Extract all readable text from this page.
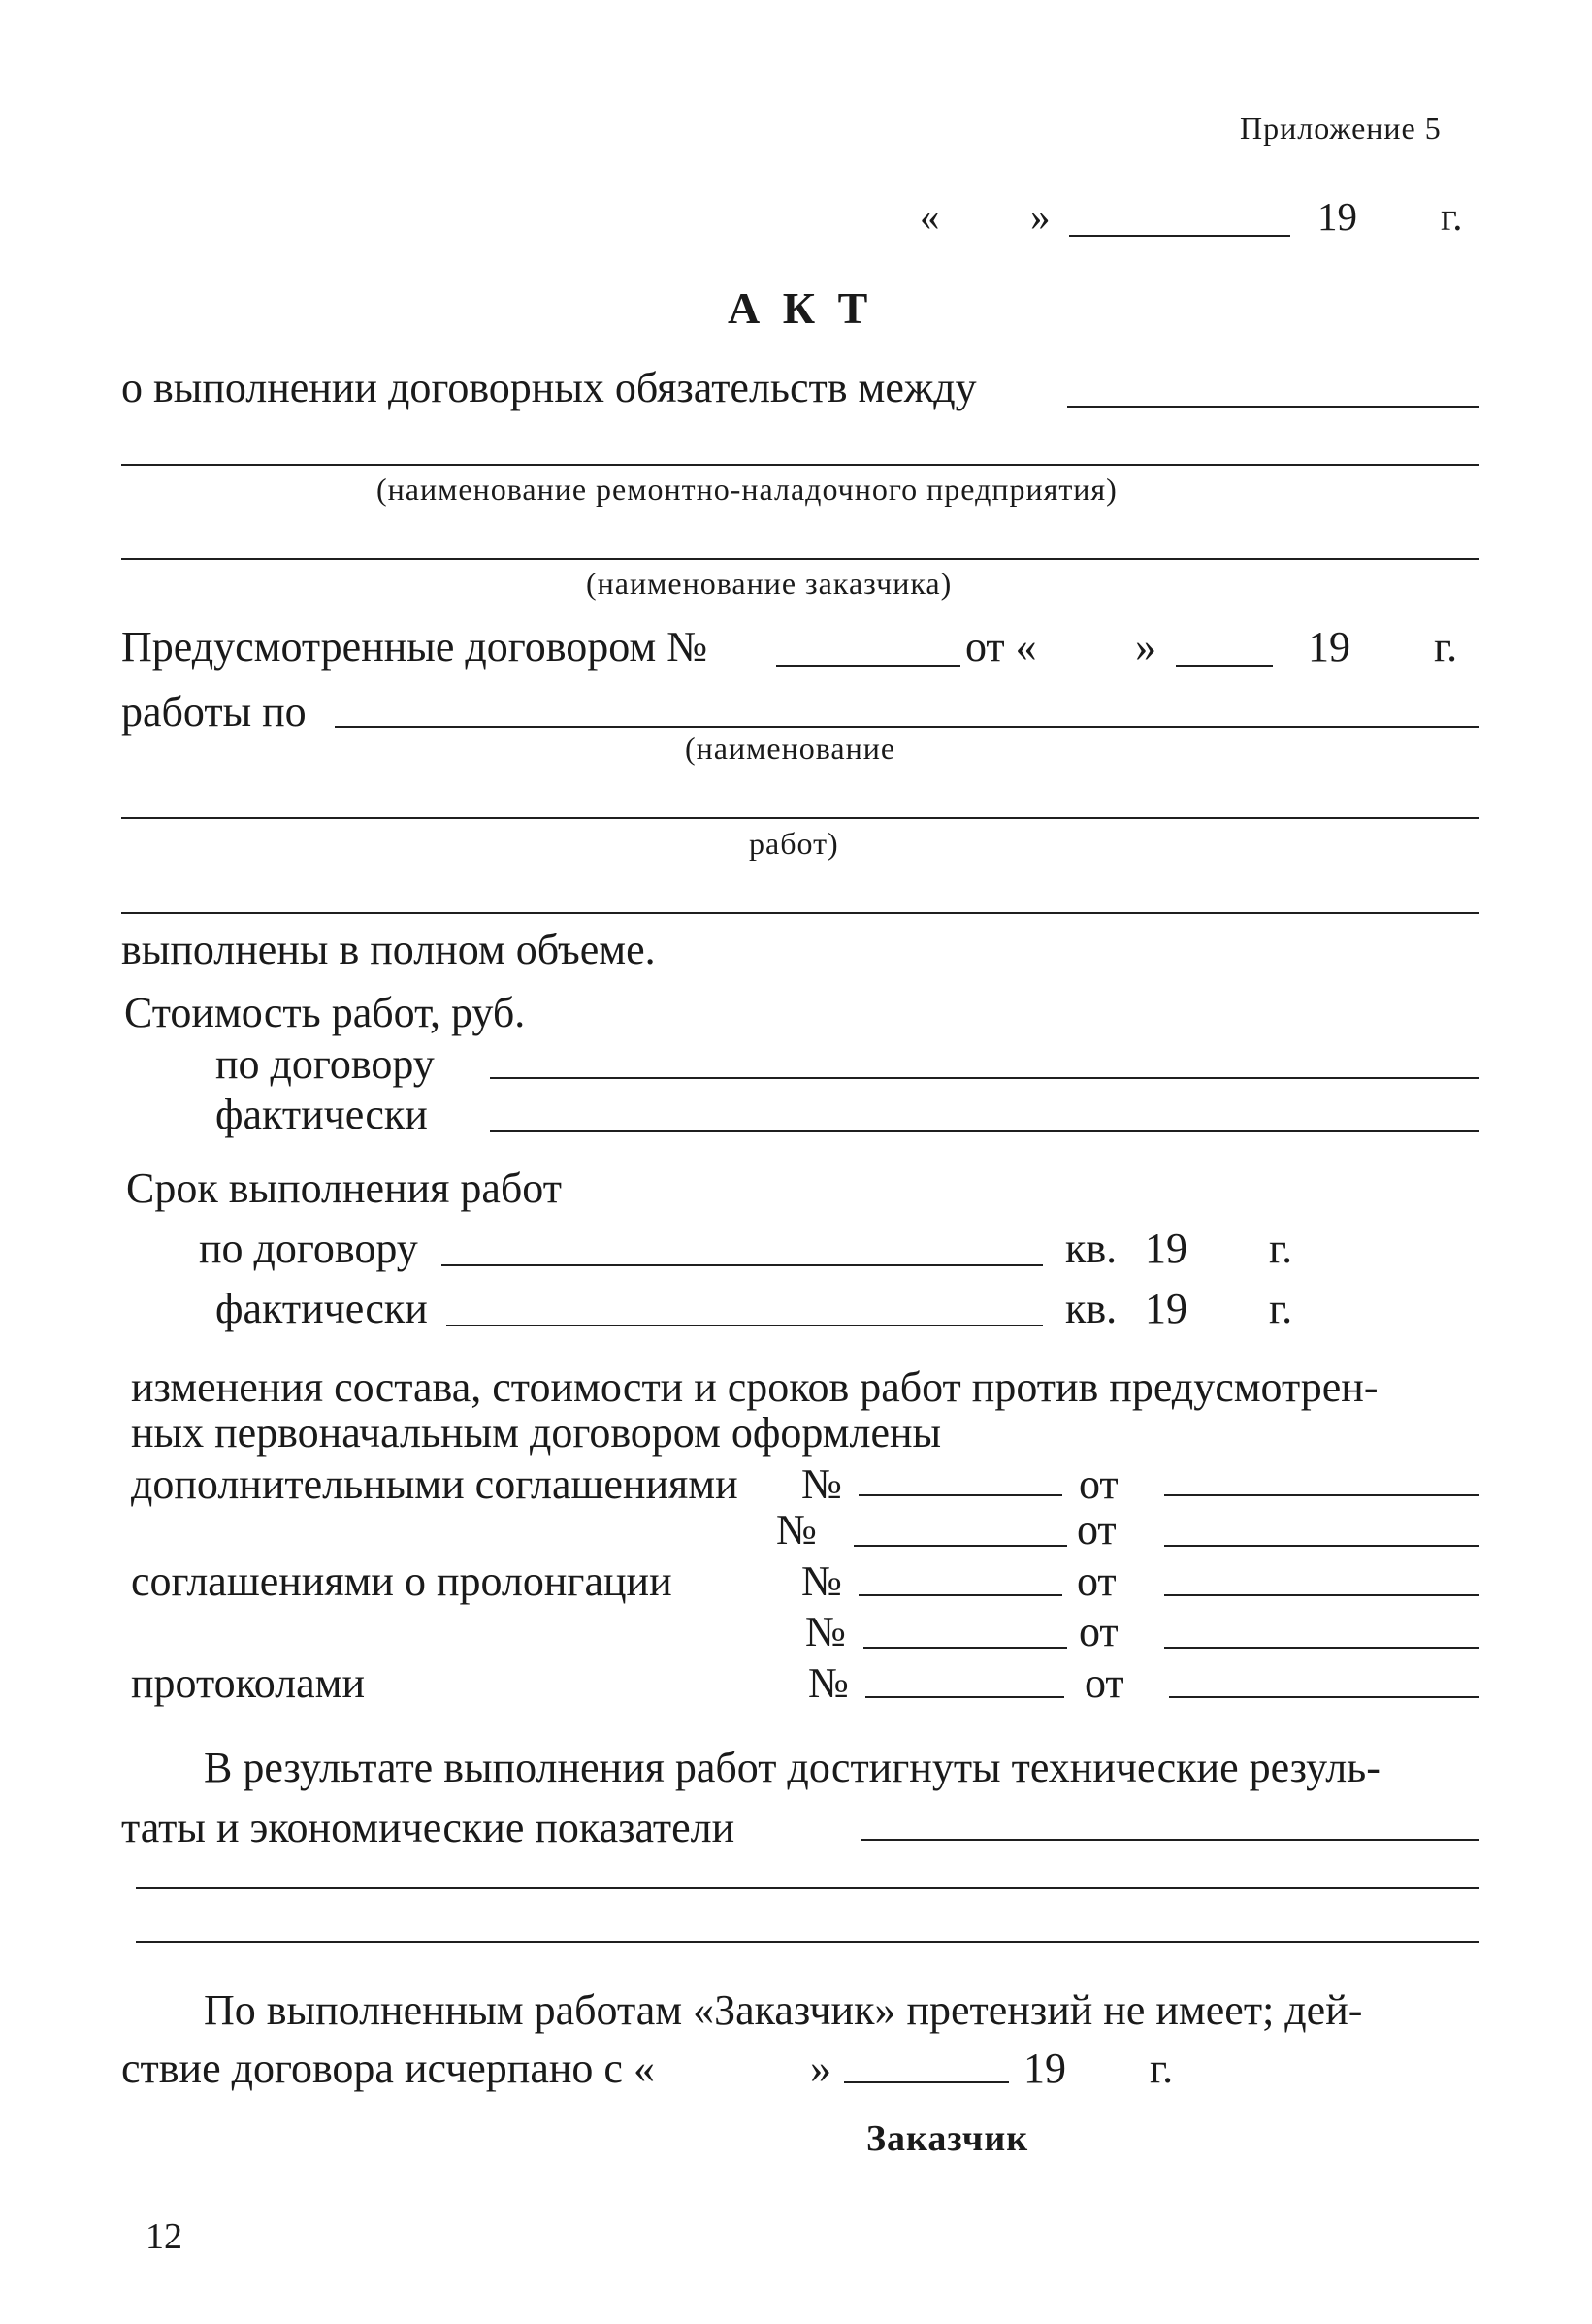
Приложение 5
« »	19 г.
А К Т
о выполнении договорных обязательств между
(наименование ремонтно-наладочного предприятия)
(наименование заказчика)
Предусмотренные договором №	от « »	19 г.
работы по
(наименование
работ)
выполнены в полном объеме.
Стоимость работ, руб.
по договору
фактически
Срок выполнения работ
по договору	кв. 19 г.
фактически	кв. 19 г.
изменения состава, стоимости и сроков работ против предусмотрен-
ных первоначальным договором оформлены
дополнительными соглашениями №	от
№	от
соглашениями о пролонгации	№	от
№	от
протоколами	№	от
В результате выполнения работ достигнуты технические резуль-
таты и экономические показатели
По выполненным работам «Заказчик» претензий не имеет; дей-
ствие договора исчерпано с «	»	19 г.
Заказчик
12
